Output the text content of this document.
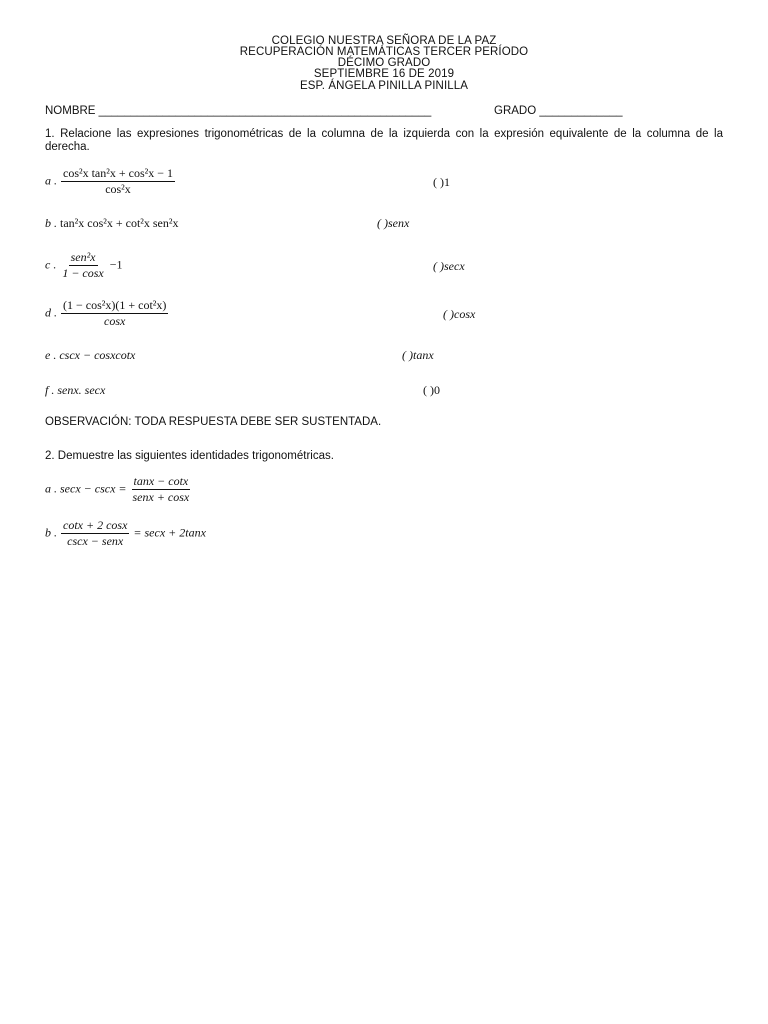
COLEGIO NUESTRA SEÑORA DE LA PAZ
RECUPERACIÓN MATEMÁTICAS TERCER PERÍODO
DÉCIMO GRADO
SEPTIEMBRE 16 DE 2019
ESP. ÁNGELA PINILLA PINILLA
NOMBRE ____________________________________________________	GRADO _____________
1. Relacione las expresiones trigonométricas de la columna de la izquierda con la expresión equivalente de la columna de la derecha.
a . $\frac{\text{cos²x tan²x + cos²x − 1}}{\text{cos²x}}$	( )1
b . tan²x cos²x + cot²x sen²x	( )senx
c . $\frac{\text{sen²x}}{1 - \cos x} -1$	( )secx
d . $\frac{\text{(1 − cos²x)(1 + cot²x)}}{\cos x}$	( )cosx
e . cscx − cosxcotx	( )tanx
f . senx. secx	( )0
OBSERVACIÓN: TODA RESPUESTA DEBE SER SUSTENTADA.
2. Demuestre las siguientes identidades trigonométricas.
a . $\sec x - \csc x = \frac{\tan x - \cot x}{\text{senx + cosx}}$
b . $\frac{\cot x + 2 \cos x}{\text{cscx − senx}} = \sec x + 2\tan x$
